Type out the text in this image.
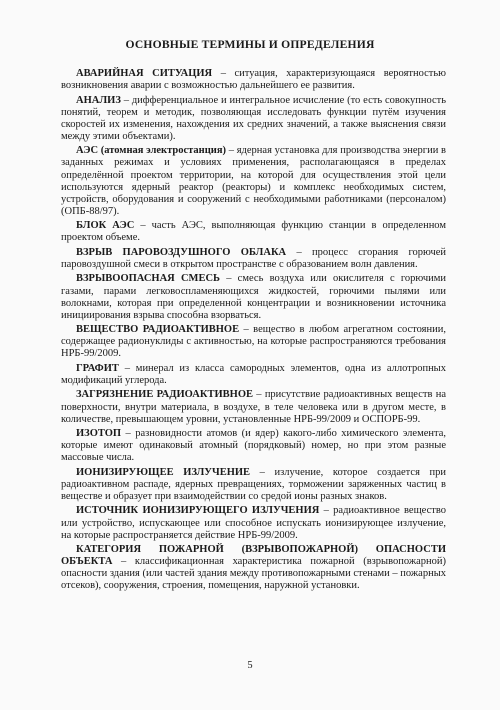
ОСНОВНЫЕ ТЕРМИНЫ И ОПРЕДЕЛЕНИЯ

АВАРИЙНАЯ СИТУАЦИЯ – ситуация, характеризующаяся вероятностью возникновения аварии с возможностью дальнейшего ее развития.

АНАЛИЗ – дифференциальное и интегральное исчисление (то есть совокупность понятий, теорем и методик, позволяющая исследовать функции путём изучения скоростей их изменения, нахождения их средних значений, а также выяснения связи между этими объектами).

АЭС (атомная электростанция) – ядерная установка для производства энергии в заданных режимах и условиях применения, располагающаяся в пределах определённой проектом территории, на которой для осуществления этой цели используются ядерный реактор (реакторы) и комплекс необходимых систем, устройств, оборудования и сооружений с необходимыми работниками (персоналом) (ОПБ-88/97).

БЛОК АЭС – часть АЭС, выполняющая функцию станции в определенном проектом объеме.

ВЗРЫВ ПАРОВОЗДУШНОГО ОБЛАКА – процесс сгорания горючей паровоздушной смеси в открытом пространстве с образованием волн давления.

ВЗРЫВООПАСНАЯ СМЕСЬ – смесь воздуха или окислителя с горючими газами, парами легковоспламеняющихся жидкостей, горючими пылями или волокнами, которая при определенной концентрации и возникновении источника инициирования взрыва способна взорваться.

ВЕЩЕСТВО РАДИОАКТИВНОЕ – вещество в любом агрегатном состоянии, содержащее радионуклиды с активностью, на которые распространяются требования НРБ-99/2009.

ГРАФИТ – минерал из класса самородных элементов, одна из аллотропных модификаций углерода.

ЗАГРЯЗНЕНИЕ РАДИОАКТИВНОЕ – присутствие радиоактивных веществ на поверхности, внутри материала, в воздухе, в теле человека или в другом месте, в количестве, превышающем уровни, установленные НРБ-99/2009 и ОСПОРБ-99.

ИЗОТОП – разновидности атомов (и ядер) какого-либо химического элемента, которые имеют одинаковый атомный (порядковый) номер, но при этом разные массовые числа.

ИОНИЗИРУЮЩЕЕ ИЗЛУЧЕНИЕ – излучение, которое создается при радиоактивном распаде, ядерных превращениях, торможении заряженных частиц в веществе и образует при взаимодействии со средой ионы разных знаков.

ИСТОЧНИК ИОНИЗИРУЮЩЕГО ИЗЛУЧЕНИЯ – радиоактивное вещество или устройство, испускающее или способное испускать ионизирующее излучение, на которые распространяется действие НРБ-99/2009.

КАТЕГОРИЯ ПОЖАРНОЙ (ВЗРЫВОПОЖАРНОЙ) ОПАСНОСТИ ОБЪЕКТА – классификационная характеристика пожарной (взрывопожарной) опасности здания (или частей здания между противопожарными стенами – пожарных отсеков), сооружения, строения, помещения, наружной установки.

5
